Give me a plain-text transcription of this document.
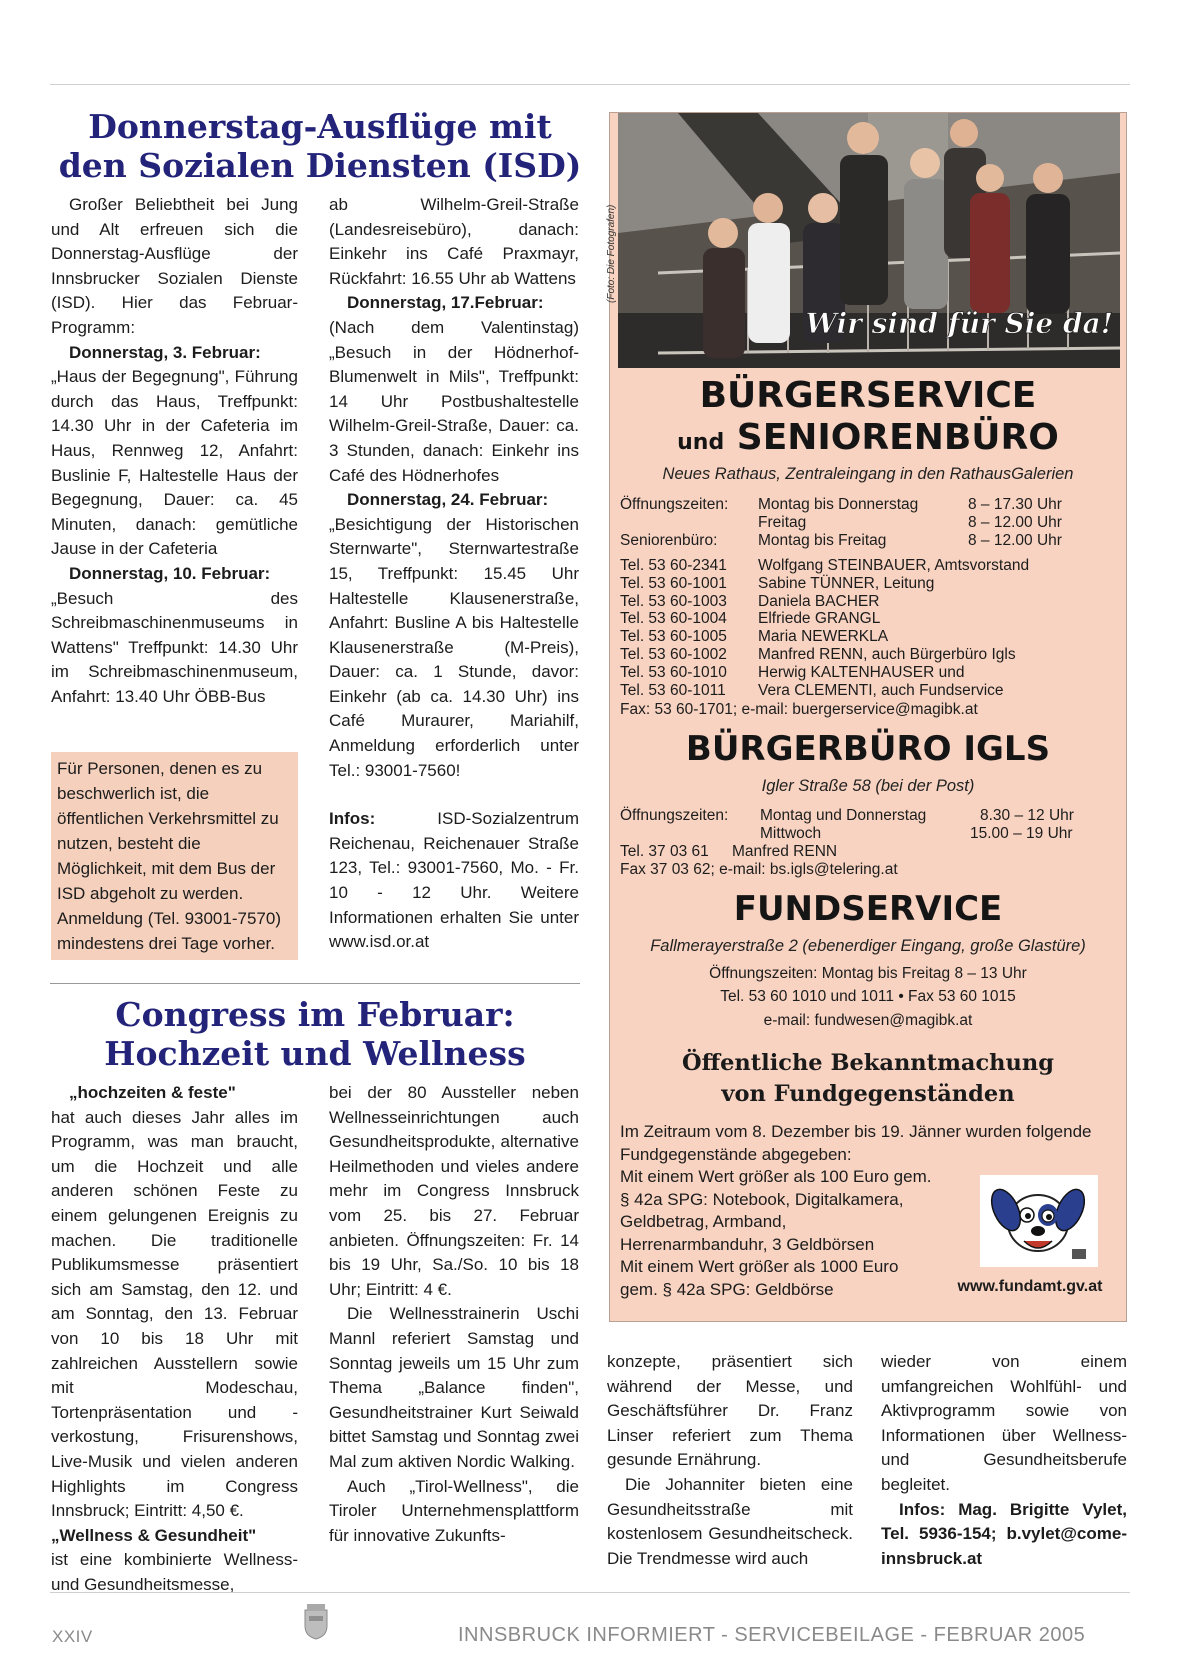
Donnerstag-Ausflüge mit
den Sozialen Diensten (ISD)

Großer Beliebtheit bei Jung und Alt erfreuen sich die Donnerstag-Ausflüge der Innsbrucker Sozialen Dienste (ISD). Hier das Februar-Programm:

Donnerstag, 3. Februar:

„Haus der Begegnung", Führung durch das Haus, Treffpunkt: 14.30 Uhr in der Cafeteria im Haus, Rennweg 12, Anfahrt: Buslinie F, Haltestelle Haus der Begegnung, Dauer: ca. 45 Minuten, danach: gemütliche Jause in der Cafeteria

Donnerstag, 10. Februar:

„Besuch des Schreibmaschinenmuseums in Wattens" Treffpunkt: 14.30 Uhr im Schreibmaschinenmuseum, Anfahrt: 13.40 Uhr ÖBB-Bus

Für Personen, denen es zu beschwerlich ist, die öffentlichen Verkehrsmittel zu nutzen, besteht die Möglichkeit, mit dem Bus der ISD abgeholt zu werden. Anmeldung (Tel. 93001-7570) mindestens drei Tage vorher.

ab Wilhelm-Greil-Straße (Landesreisebüro), danach: Einkehr ins Café Praxmayr, Rückfahrt: 16.55 Uhr ab Wattens

Donnerstag, 17.Februar:

(Nach dem Valentinstag) „Besuch in der Hödnerhof-Blumenwelt in Mils", Treffpunkt: 14 Uhr Postbushaltestelle Wilhelm-Greil-Straße, Dauer: ca. 3 Stunden, danach: Einkehr ins Café des Hödnerhofes

Donnerstag, 24. Februar:

„Besichtigung der Historischen Sternwarte", Sternwartestraße 15, Treffpunkt: 15.45 Uhr Haltestelle Klausenerstraße, Anfahrt: Busline A bis Haltestelle Klausenerstraße (M-Preis), Dauer: ca. 1 Stunde, davor: Einkehr (ab ca. 14.30 Uhr) ins Café Muraurer, Mariahilf, Anmeldung erforderlich unter Tel.: 93001-7560!

Infos:	ISD-Sozialzentrum Reichenau, Reichenauer Straße 123, Tel.: 93001-7560, Mo. - Fr. 10 - 12 Uhr. Weitere Informationen erhalten Sie unter www.isd.or.at

Congress im Februar:
Hochzeit und Wellness

„hochzeiten & feste"

hat auch dieses Jahr alles im Programm, was man braucht, um die Hochzeit und alle anderen schönen Feste zu einem gelungenen Ereignis zu machen. Die traditionelle Publikumsmesse präsentiert sich am Samstag, den 12. und am Sonntag, den 13. Februar von 10 bis 18 Uhr mit zahlreichen Ausstellern sowie mit Modeschau, Tortenpräsentation und -verkostung, Frisurenshows, Live-Musik und vielen anderen Highlights im Congress Innsbruck; Eintritt: 4,50 €.

„Wellness & Gesundheit"

ist eine kombinierte Wellness- und Gesundheitsmesse,

bei der 80 Aussteller neben Wellnesseinrichtungen auch Gesundheitsprodukte, alternative Heilmethoden und vieles andere mehr im Congress Innsbruck vom 25. bis 27. Februar anbieten. Öffnungszeiten: Fr. 14 bis 19 Uhr, Sa./So. 10 bis 18 Uhr; Eintritt: 4 €.

Die Wellnesstrainerin Uschi Mannl referiert Samstag und Sonntag jeweils um 15 Uhr zum Thema „Balance finden", Gesundheitstrainer Kurt Seiwald bittet Samstag und Sonntag zwei Mal zum aktiven Nordic Walking.

Auch „Tirol-Wellness", die Tiroler Unternehmensplattform für innovative Zukunfts-

konzepte, präsentiert sich während der Messe, und Geschäftsführer Dr. Franz Linser referiert zum Thema gesunde Ernährung.

Die Johanniter bieten eine Gesundheitsstraße mit kostenlosem Gesundheitscheck. Die Trendmesse wird auch

wieder von einem umfangreichen Wohlfühl- und Aktivprogramm sowie von Informationen über Wellness- und Gesundheitsberufe begleitet.

Infos: Mag. Brigitte Vylet, Tel. 5936-154; b.vylet@come-innsbruck.at

Wir sind für Sie da!
(Foto: Die Fotografen)
BÜRGERSERVICE
und SENIORENBÜRO
Neues Rathaus, Zentraleingang in den RathausGalerien
Öffnungszeiten: Montag bis Donnerstag	8 – 17.30 Uhr
Freitag	8 – 12.00 Uhr
Seniorenbüro:	Montag bis Freitag	8 – 12.00 Uhr
Tel. 53 60-2341 Wolfgang STEINBAUER, Amtsvorstand
Tel. 53 60-1001 Sabine TÜNNER, Leitung
Tel. 53 60-1003 Daniela BACHER
Tel. 53 60-1004 Elfriede GRANGL
Tel. 53 60-1005 Maria NEWERKLA
Tel. 53 60-1002 Manfred RENN, auch Bürgerbüro Igls
Tel. 53 60-1010 Herwig KALTENHAUSER und
Tel. 53 60-1011 Vera CLEMENTI, auch Fundservice
Fax: 53 60-1701; e-mail: buergerservice@magibk.at
BÜRGERBÜRO IGLS
Igler Straße 58 (bei der Post)
Öffnungszeiten: Montag und Donnerstag	8.30 – 12 Uhr
Mittwoch	15.00 – 19 Uhr
Tel. 37 03 61 Manfred RENN
Fax 37 03 62; e-mail: bs.igls@telering.at
FUNDSERVICE
Fallmerayerstraße 2 (ebenerdiger Eingang, große Glastüre)
Öffnungszeiten: Montag bis Freitag 8 – 13 Uhr
Tel. 53 60 1010 und 1011 • Fax 53 60 1015
e-mail: fundwesen@magibk.at
Öffentliche Bekanntmachung
von Fundgegenständen
Im Zeitraum vom 8. Dezember bis 19. Jänner wurden folgende Fundgegenstände abgegeben:
Mit einem Wert größer als 100 Euro gem. § 42a SPG: Notebook, Digitalkamera, Geldbetrag, Armband, Herrenarmbanduhr, 3 Geldbörsen
Mit einem Wert größer als 1000 Euro gem. § 42a SPG: Geldbörse	www.fundamt.gv.at
XXIV	INNSBRUCK INFORMIERT - SERVICEBEILAGE - FEBRUAR 2005
